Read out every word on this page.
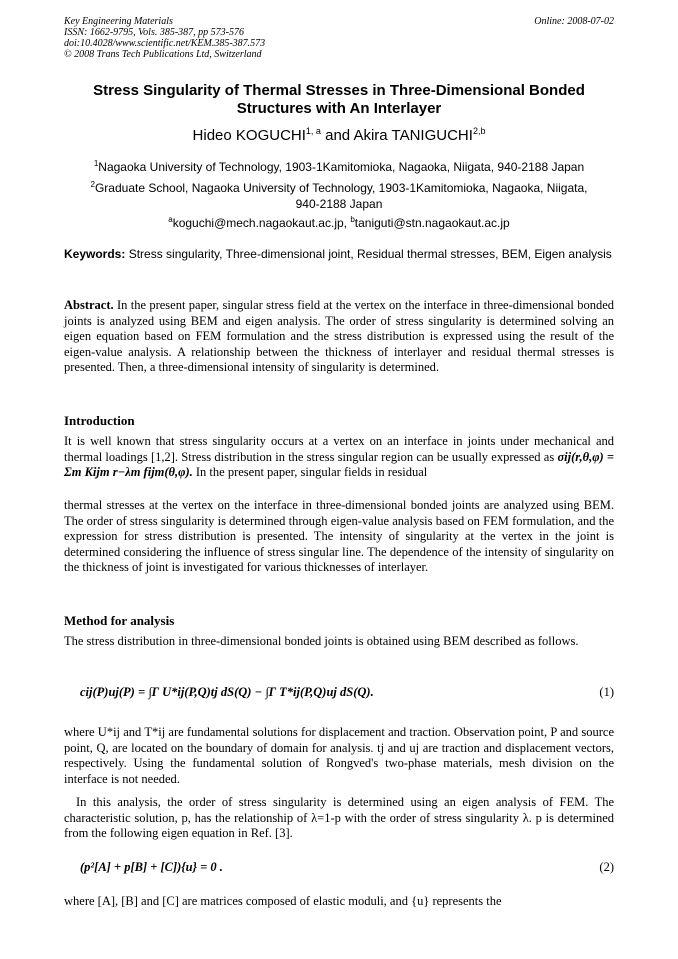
Key Engineering Materials
ISSN: 1662-9795, Vols. 385-387, pp 573-576
doi:10.4028/www.scientific.net/KEM.385-387.573
© 2008 Trans Tech Publications Ltd, Switzerland
Online: 2008-07-02
Stress Singularity of Thermal Stresses in Three-Dimensional Bonded
Structures with An Interlayer
Hideo KOGUCHI$^{1, a}$ and Akira TANIGUCHI$^{2,b}$
$^1$Nagaoka University of Technology, 1903-1Kamitomioka, Nagaoka, Niigata, 940-2188 Japan
$^2$Graduate School, Nagaoka University of Technology, 1903-1Kamitomioka, Nagaoka, Niigata,
940-2188 Japan
$^a$koguchi@mech.nagaokaut.ac.jp, $^b$taniguti@stn.nagaokaut.ac.jp
Keywords: Stress singularity, Three-dimensional joint, Residual thermal stresses, BEM, Eigen analysis
Abstract. In the present paper, singular stress field at the vertex on the interface in three-dimensional bonded joints is analyzed using BEM and eigen analysis. The order of stress singularity is determined solving an eigen equation based on FEM formulation and the stress distribution is expressed using the result of the eigen-value analysis. A relationship between the thickness of interlayer and residual thermal stresses is presented. Then, a three-dimensional intensity of singularity is determined.
Introduction
It is well known that stress singularity occurs at a vertex on an interface in joints under mechanical and thermal loadings [1,2]. Stress distribution in the stress singular region can be usually expressed as σij(r,θ,φ) = Σm Kijm r−λm fijm(θ,φ). In the present paper, singular fields in residual
thermal stresses at the vertex on the interface in three-dimensional bonded joints are analyzed using BEM. The order of stress singularity is determined through eigen-value analysis based on FEM formulation, and the expression for stress distribution is presented. The intensity of singularity at the vertex in the joint is determined considering the influence of stress singular line. The dependence of the intensity of singularity on the thickness of joint is investigated for various thicknesses of interlayer.
Method for analysis
The stress distribution in three-dimensional bonded joints is obtained using BEM described as follows.
cij(P)uj(P) = ∫Γ U*ij(P,Q)tj dS(Q) − ∫Γ T*ij(P,Q)uj dS(Q).	(1)
where U*ij and T*ij are fundamental solutions for displacement and traction. Observation point, P and source point, Q, are located on the boundary of domain for analysis. tj and uj are traction and displacement vectors, respectively. Using the fundamental solution of Rongved's two-phase materials, mesh division on the interface is not needed.
In this analysis, the order of stress singularity is determined using an eigen analysis of FEM. The characteristic solution, p, has the relationship of λ=1-p with the order of stress singularity λ. p is determined from the following eigen equation in Ref. [3].
(p²[A] + p[B] + [C]){u} = 0 .	(2)
where [A], [B] and [C] are matrices composed of elastic moduli, and {u} represents the
